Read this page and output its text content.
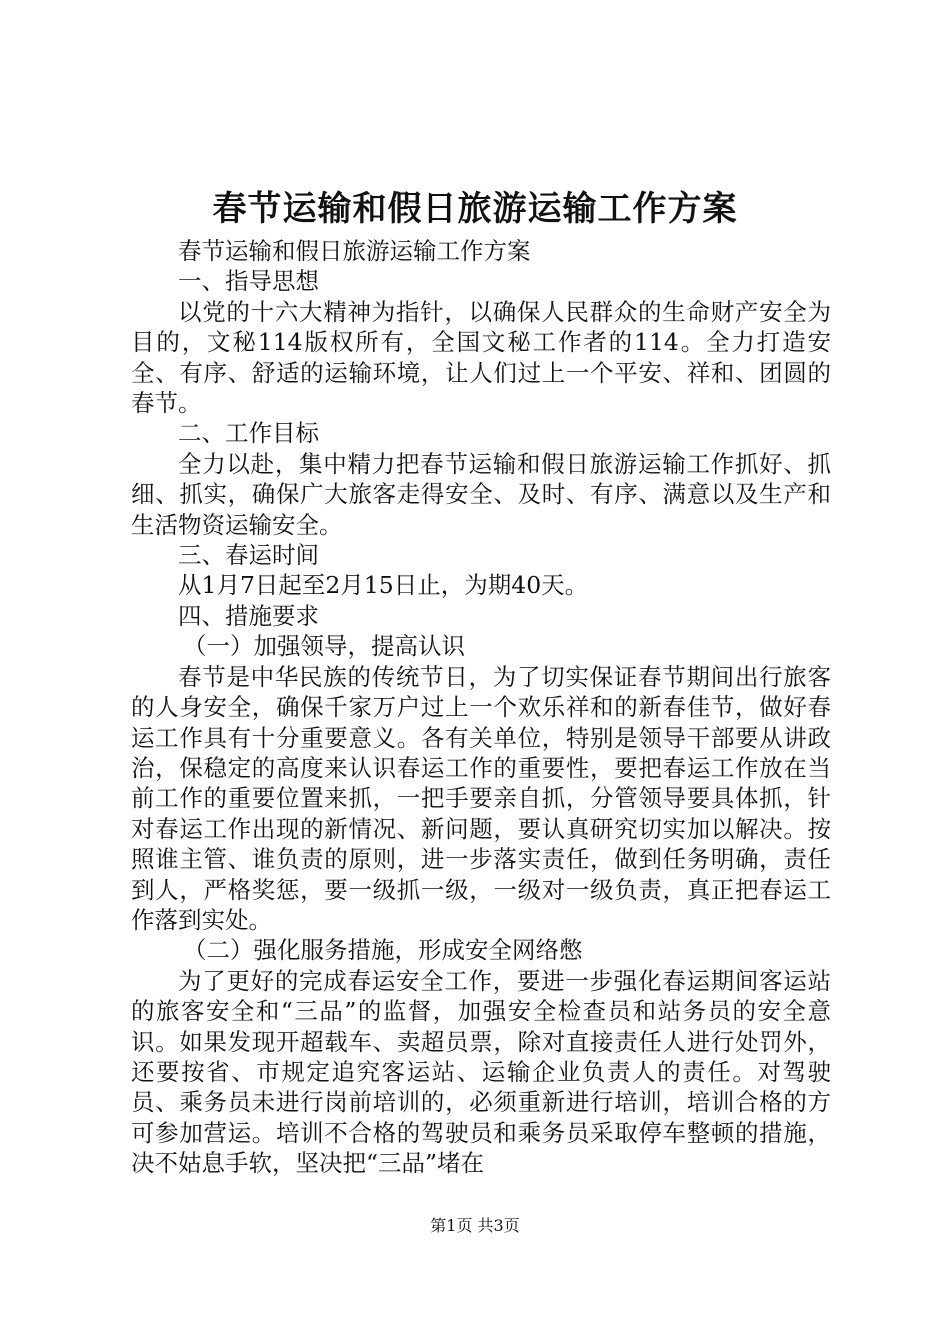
春节运输和假日旅游运输工作方案

春节运输和假日旅游运输工作方案

一、指导思想

以党的十六大精神为指针，以确保人民群众的生命财产安全为目的，文秘114版权所有，全国文秘工作者的114。全力打造安全、有序、舒适的运输环境，让人们过上一个平安、祥和、团圆的春节。

二、工作目标

全力以赴，集中精力把春节运输和假日旅游运输工作抓好、抓细、抓实，确保广大旅客走得安全、及时、有序、满意以及生产和生活物资运输安全。

三、春运时间

从1月7日起至2月15日止，为期40天。

四、措施要求

（一）加强领导，提高认识

春节是中华民族的传统节日，为了切实保证春节期间出行旅客的人身安全，确保千家万户过上一个欢乐祥和的新春佳节，做好春运工作具有十分重要意义。各有关单位，特别是领导干部要从讲政治，保稳定的高度来认识春运工作的重要性，要把春运工作放在当前工作的重要位置来抓，一把手要亲自抓，分管领导要具体抓，针对春运工作出现的新情况、新问题，要认真研究切实加以解决。按照谁主管、谁负责的原则，进一步落实责任，做到任务明确，责任到人，严格奖惩，要一级抓一级，一级对一级负责，真正把春运工作落到实处。

（二）强化服务措施，形成安全网络憋

为了更好的完成春运安全工作，要进一步强化春运期间客运站的旅客安全和“三品”的监督，加强安全检查员和站务员的安全意识。如果发现开超载车、卖超员票，除对直接责任人进行处罚外，还要按省、市规定追究客运站、运输企业负责人的责任。对驾驶员、乘务员未进行岗前培训的，必须重新进行培训，培训合格的方可参加营运。培训不合格的驾驶员和乘务员采取停车整顿的措施，决不姑息手软，坚决把“三品”堵在

第1页 共3页
